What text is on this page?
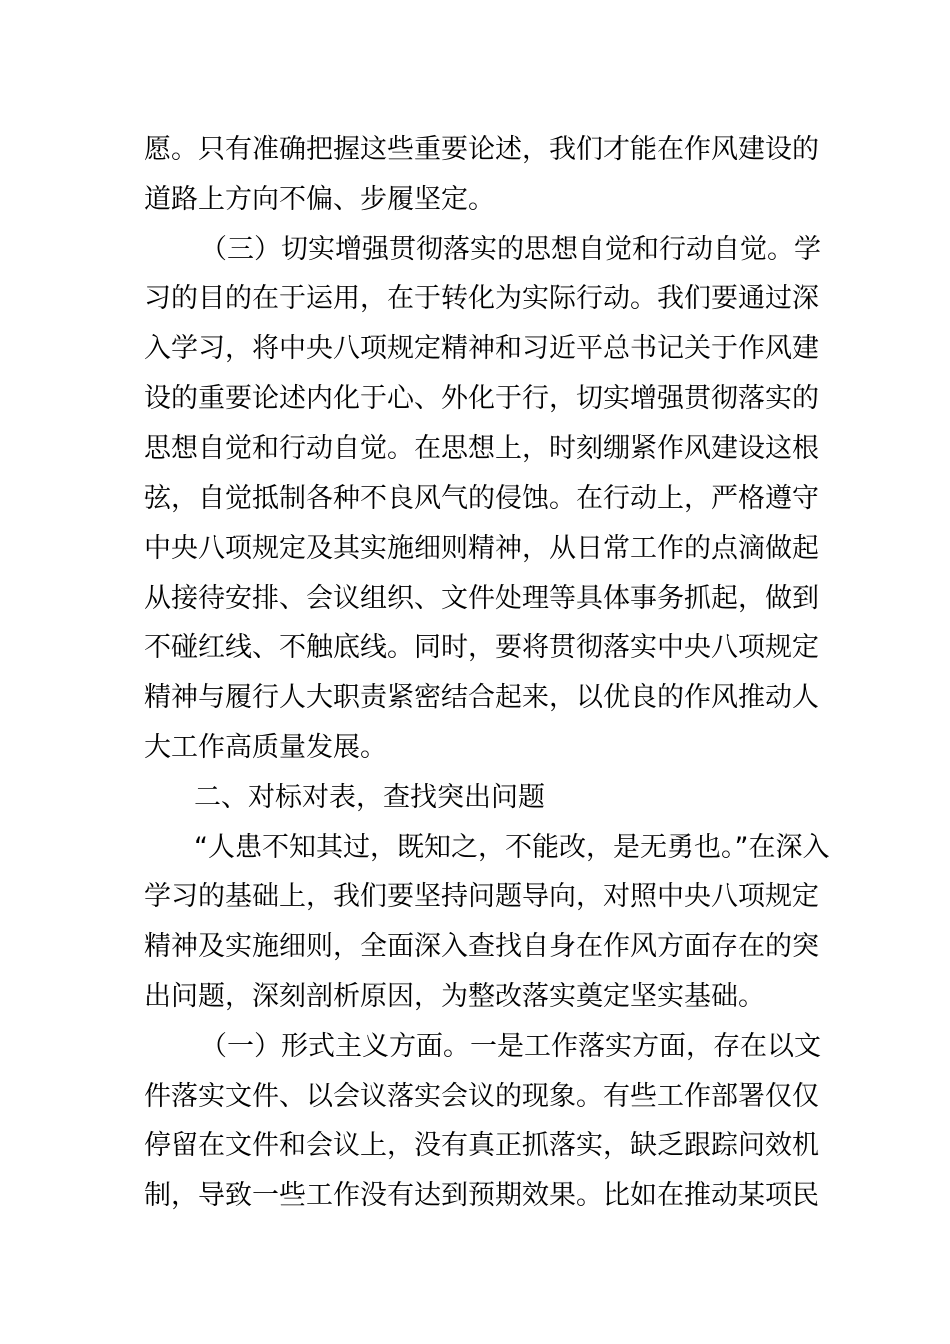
愿。只有准确把握这些重要论述，我们才能在作风建设的
道路上方向不偏、步履坚定。
（三）切实增强贯彻落实的思想自觉和行动自觉。学
习的目的在于运用，在于转化为实际行动。我们要通过深
入学习，将中央八项规定精神和习近平总书记关于作风建
设的重要论述内化于心、外化于行，切实增强贯彻落实的
思想自觉和行动自觉。在思想上，时刻绷紧作风建设这根
弦，自觉抵制各种不良风气的侵蚀。在行动上，严格遵守
中央八项规定及其实施细则精神，从日常工作的点滴做起
从接待安排、会议组织、文件处理等具体事务抓起，做到
不碰红线、不触底线。同时，要将贯彻落实中央八项规定
精神与履行人大职责紧密结合起来，以优良的作风推动人
大工作高质量发展。
二、对标对表，查找突出问题
“人患不知其过，既知之，不能改，是无勇也。”在深入
学习的基础上，我们要坚持问题导向，对照中央八项规定
精神及实施细则，全面深入查找自身在作风方面存在的突
出问题，深刻剖析原因，为整改落实奠定坚实基础。
（一）形式主义方面。一是工作落实方面，存在以文
件落实文件、以会议落实会议的现象。有些工作部署仅仅
停留在文件和会议上，没有真正抓落实，缺乏跟踪问效机
制，导致一些工作没有达到预期效果。比如在推动某项民
